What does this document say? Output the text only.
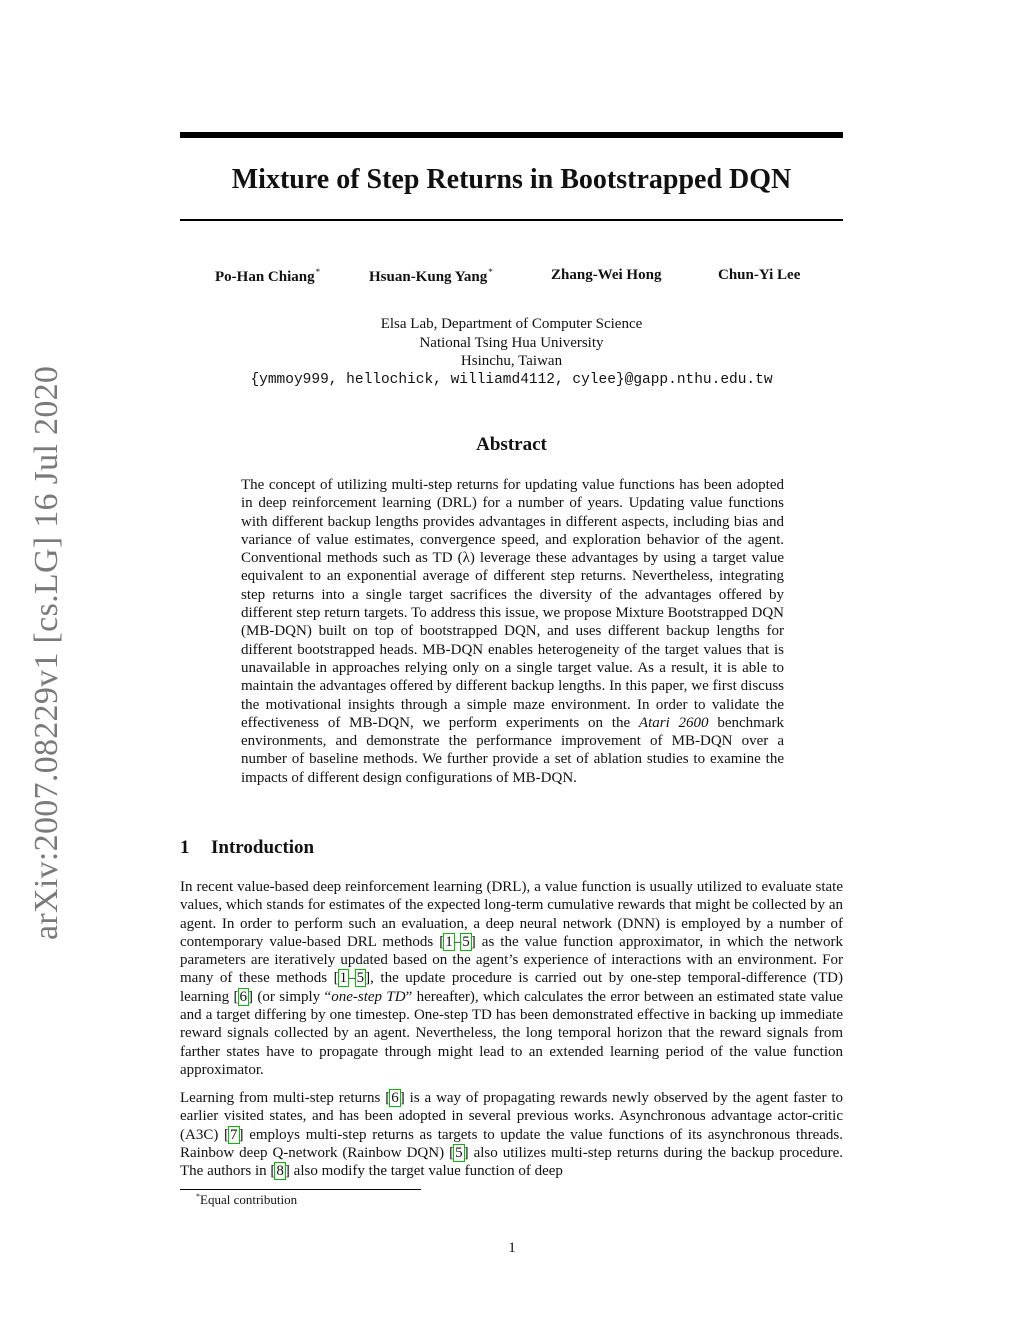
arXiv:2007.08229v1 [cs.LG] 16 Jul 2020
Mixture of Step Returns in Bootstrapped DQN
Po-Han Chiang*	Hsuan-Kung Yang*	Zhang-Wei Hong	Chun-Yi Lee
Elsa Lab, Department of Computer Science
National Tsing Hua University
Hsinchu, Taiwan
{ymmoy999, hellochick, williamd4112, cylee}@gapp.nthu.edu.tw
Abstract
The concept of utilizing multi-step returns for updating value functions has been adopted in deep reinforcement learning (DRL) for a number of years. Updating value functions with different backup lengths provides advantages in different aspects, including bias and variance of value estimates, convergence speed, and exploration behavior of the agent. Conventional methods such as TD (λ) leverage these advantages by using a target value equivalent to an exponential average of different step returns. Nevertheless, integrating step returns into a single target sacrifices the diversity of the advantages offered by different step return targets. To address this issue, we propose Mixture Bootstrapped DQN (MB-DQN) built on top of bootstrapped DQN, and uses different backup lengths for different bootstrapped heads. MB-DQN enables heterogeneity of the target values that is unavailable in approaches relying only on a single target value. As a result, it is able to maintain the advantages offered by different backup lengths. In this paper, we first discuss the motivational insights through a simple maze environment. In order to validate the effectiveness of MB-DQN, we perform experiments on the Atari 2600 benchmark environments, and demonstrate the performance improvement of MB-DQN over a number of baseline methods. We further provide a set of ablation studies to examine the impacts of different design configurations of MB-DQN.
1 Introduction
In recent value-based deep reinforcement learning (DRL), a value function is usually utilized to evaluate state values, which stands for estimates of the expected long-term cumulative rewards that might be collected by an agent. In order to perform such an evaluation, a deep neural network (DNN) is employed by a number of contemporary value-based DRL methods [1–5] as the value function approximator, in which the network parameters are iteratively updated based on the agent’s experience of interactions with an environment. For many of these methods [1–5], the update procedure is carried out by one-step temporal-difference (TD) learning [6] (or simply “one-step TD” hereafter), which calculates the error between an estimated state value and a target differing by one timestep. One-step TD has been demonstrated effective in backing up immediate reward signals collected by an agent. Nevertheless, the long temporal horizon that the reward signals from farther states have to propagate through might lead to an extended learning period of the value function approximator.
Learning from multi-step returns [6] is a way of propagating rewards newly observed by the agent faster to earlier visited states, and has been adopted in several previous works. Asynchronous advantage actor-critic (A3C) [7] employs multi-step returns as targets to update the value functions of its asynchronous threads. Rainbow deep Q-network (Rainbow DQN) [5] also utilizes multi-step returns during the backup procedure. The authors in [8] also modify the target value function of deep
*Equal contribution
1
